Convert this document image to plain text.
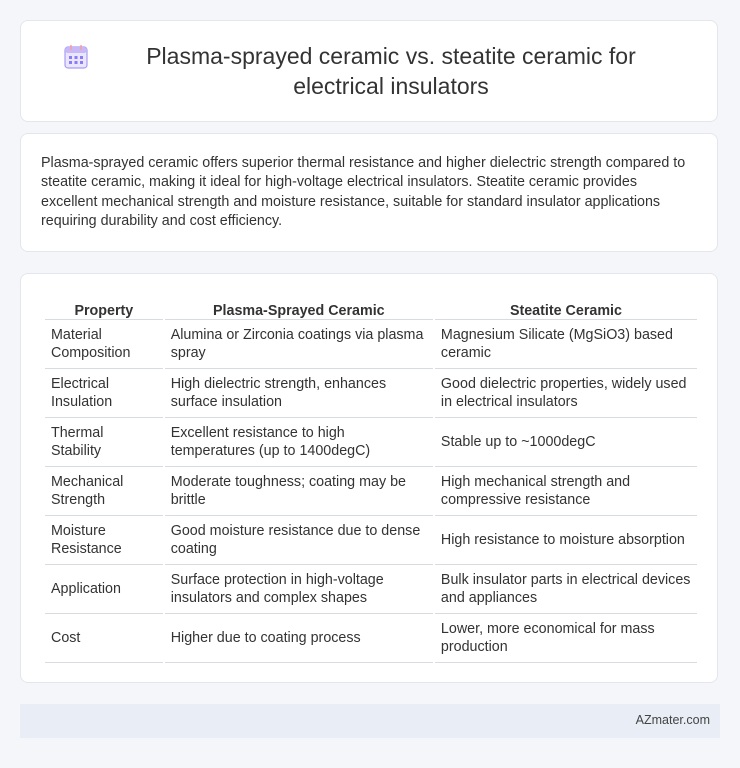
Plasma-sprayed ceramic vs. steatite ceramic for electrical insulators

Plasma-sprayed ceramic offers superior thermal resistance and higher dielectric strength compared to steatite ceramic, making it ideal for high-voltage electrical insulators. Steatite ceramic provides excellent mechanical strength and moisture resistance, suitable for standard insulator applications requiring durability and cost efficiency.

Property	Plasma-Sprayed Ceramic	Steatite Ceramic
Material Composition	Alumina or Zirconia coatings via plasma spray	Magnesium Silicate (MgSiO3) based ceramic
Electrical Insulation	High dielectric strength, enhances surface insulation	Good dielectric properties, widely used in electrical insulators
Thermal Stability	Excellent resistance to high temperatures (up to 1400degC)	Stable up to ~1000degC
Mechanical Strength	Moderate toughness; coating may be brittle	High mechanical strength and compressive resistance
Moisture Resistance	Good moisture resistance due to dense coating	High resistance to moisture absorption
Application	Surface protection in high-voltage insulators and complex shapes	Bulk insulator parts in electrical devices and appliances
Cost	Higher due to coating process	Lower, more economical for mass production
AZmater.com
